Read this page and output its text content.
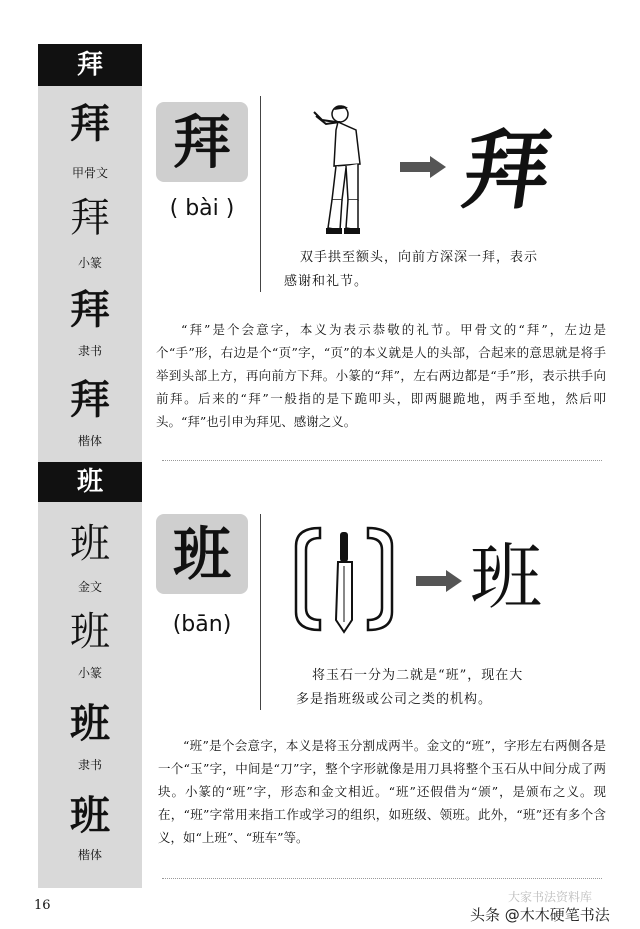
拜
拜
甲骨文
拜
小篆
拜
隶书
拜
楷体
拜
( bài )	拜
双手拱至额头，向前方深深一拜，表示
感谢和礼节。
“拜”是个会意字，本义为表示恭敬的礼节。甲骨文的“拜”，左边是个“手”形，右边是个“页”字，“页”的本义就是人的头部，合起来的意思就是将手举到头部上方，再向前方下拜。小篆的“拜”，左右两边都是“手”形，表示拱手向前拜。后来的“拜”一般指的是下跪叩头，即两腿跪地，两手至地，然后叩头。“拜”也引申为拜见、感谢之义。
班
班
金文
班
小篆
班
隶书
班
楷体
班
(bān)
班
将玉石一分为二就是“班”，现在大
多是指班级或公司之类的机构。
“班”是个会意字，本义是将玉分割成两半。金文的“班”，字形左右两侧各是一个“玉”字，中间是“刀”字，整个字形就像是用刀具将整个玉石从中间分成了两块。小篆的“班”字，形态和金文相近。“班”还假借为“颁”，是颁布之义。现在，“班”字常用来指工作或学习的组织，如班级、领班。此外，“班”还有多个含义，如“上班”、“班车”等。
16
大家书法资料库
头条 @木木硬笔书法
